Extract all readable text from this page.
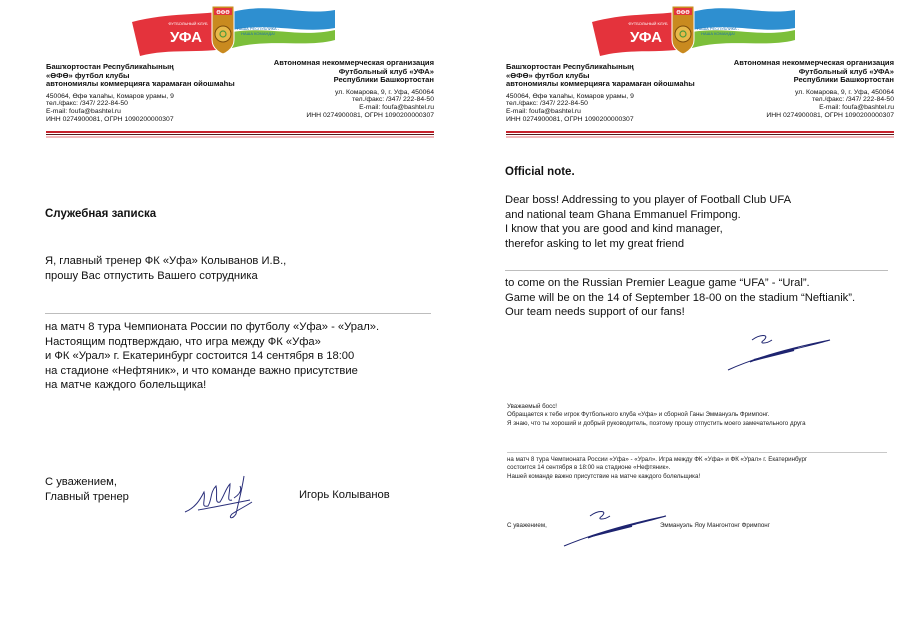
ӨФӨ
ФУТБОЛЬНЫЙ КЛУБ
УФА
НАША РЕСПУБЛИКА -
НАША КОМАНДА!
Башҡортостан Республикаһының
«ӨФӨ» футбол клубы
автономиялы коммерцияға ҡарамаған ойошмаһы
450064, Өфө ҡалаһы, Комаров урамы, 9
тел./факс: /347/ 222-84-50
E-mail: foufa@bashtel.ru
ИНН 0274900081, ОГРН 1090200000307
Автономная некоммерческая организация
Футбольный клуб «УФА»
Республики Башкортостан
ул. Комарова, 9, г. Уфа, 450064
тел./факс: /347/ 222-84-50
E-mail: foufa@bashtel.ru
ИНН 0274900081, ОГРН 1090200000307
Служебная записка
Я, главный тренер ФК «Уфа» Колыванов И.В.,
прошу Вас отпустить Вашего сотрудника
на матч 8 тура Чемпионата России по футболу «Уфа» - «Урал».
Настоящим подтверждаю, что игра между ФК «Уфа»
и ФК «Урал» г. Екатеринбург состоится 14 сентября в 18:00
на стадионе «Нефтяник», и что команде важно присутствие
на матче каждого болельщика!
С уважением,
Главный тренер	Игорь Колыванов
ӨФӨ
ФУТБОЛЬНЫЙ КЛУБ
УФА
НАША РЕСПУБЛИКА -
НАША КОМАНДА!
Башҡортостан Республикаһының
«ӨФӨ» футбол клубы
автономиялы коммерцияға ҡарамаған ойошмаһы
450064, Өфө ҡалаһы, Комаров урамы, 9
тел./факс: /347/ 222-84-50
E-mail: foufa@bashtel.ru
ИНН 0274900081, ОГРН 1090200000307
Автономная некоммерческая организация
Футбольный клуб «УФА»
Республики Башкортостан
ул. Комарова, 9, г. Уфа, 450064
тел./факс: /347/ 222-84-50
E-mail: foufa@bashtel.ru
ИНН 0274900081, ОГРН 1090200000307
Official note.
Dear boss! Addressing to you player of Football Club UFA
and national team Ghana Emmanuel Frimpong.
I know that you are good and kind manager,
therefor asking to let my great friend
to come on the Russian Premier League game “UFA” - “Ural”.
Game will be on the 14 of September 18-00 on the stadium “Neftianik”.
Our team needs support of our fans!
Уважаемый босс!
Обращается к тебе игрок Футбольного клуба «Уфа» и сборной Ганы Эммануэль Фримпонг.
Я знаю, что ты хороший и добрый руководитель, поэтому прошу отпустить моего замечательного друга
на матч 8 тура Чемпионата России «Уфа» - «Урал». Игра между ФК «Уфа» и ФК «Урал» г. Екатеринбург
состоится 14 сентября в 18:00 на стадионе «Нефтяник».
Нашей команде важно присутствие на матче каждого болельщика!
С уважением,	Эммануэль Яоу Мангонтонг Фримпонг
